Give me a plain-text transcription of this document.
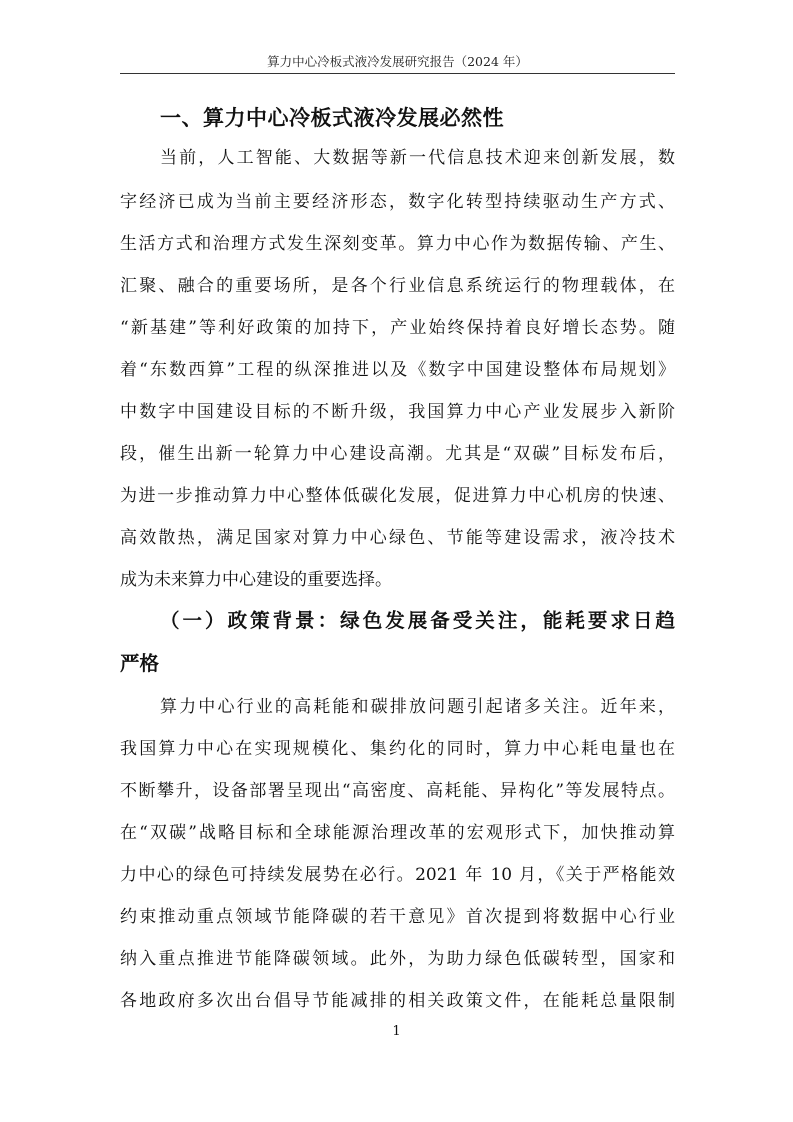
算力中心冷板式液冷发展研究报告（2024 年）
一、算力中心冷板式液冷发展必然性
当前，人工智能、大数据等新一代信息技术迎来创新发展，数
字经济已成为当前主要经济形态，数字化转型持续驱动生产方式、
生活方式和治理方式发生深刻变革。算力中心作为数据传输、产生、
汇聚、融合的重要场所，是各个行业信息系统运行的物理载体，在
“新基建”等利好政策的加持下，产业始终保持着良好增长态势。随
着“东数西算”工程的纵深推进以及《数字中国建设整体布局规划》
中数字中国建设目标的不断升级，我国算力中心产业发展步入新阶
段，催生出新一轮算力中心建设高潮。尤其是“双碳”目标发布后，
为进一步推动算力中心整体低碳化发展，促进算力中心机房的快速、
高效散热，满足国家对算力中心绿色、节能等建设需求，液冷技术
成为未来算力中心建设的重要选择。
（一）政策背景：绿色发展备受关注，能耗要求日趋
严格
算力中心行业的高耗能和碳排放问题引起诸多关注。近年来，
我国算力中心在实现规模化、集约化的同时，算力中心耗电量也在
不断攀升，设备部署呈现出“高密度、高耗能、异构化”等发展特点。
在“双碳”战略目标和全球能源治理改革的宏观形式下，加快推动算
力中心的绿色可持续发展势在必行。2021 年 10 月，《关于严格能效
约束推动重点领域节能降碳的若干意见》首次提到将数据中心行业
纳入重点推进节能降碳领域。此外，为助力绿色低碳转型，国家和
各地政府多次出台倡导节能减排的相关政策文件，在能耗总量限制
1
